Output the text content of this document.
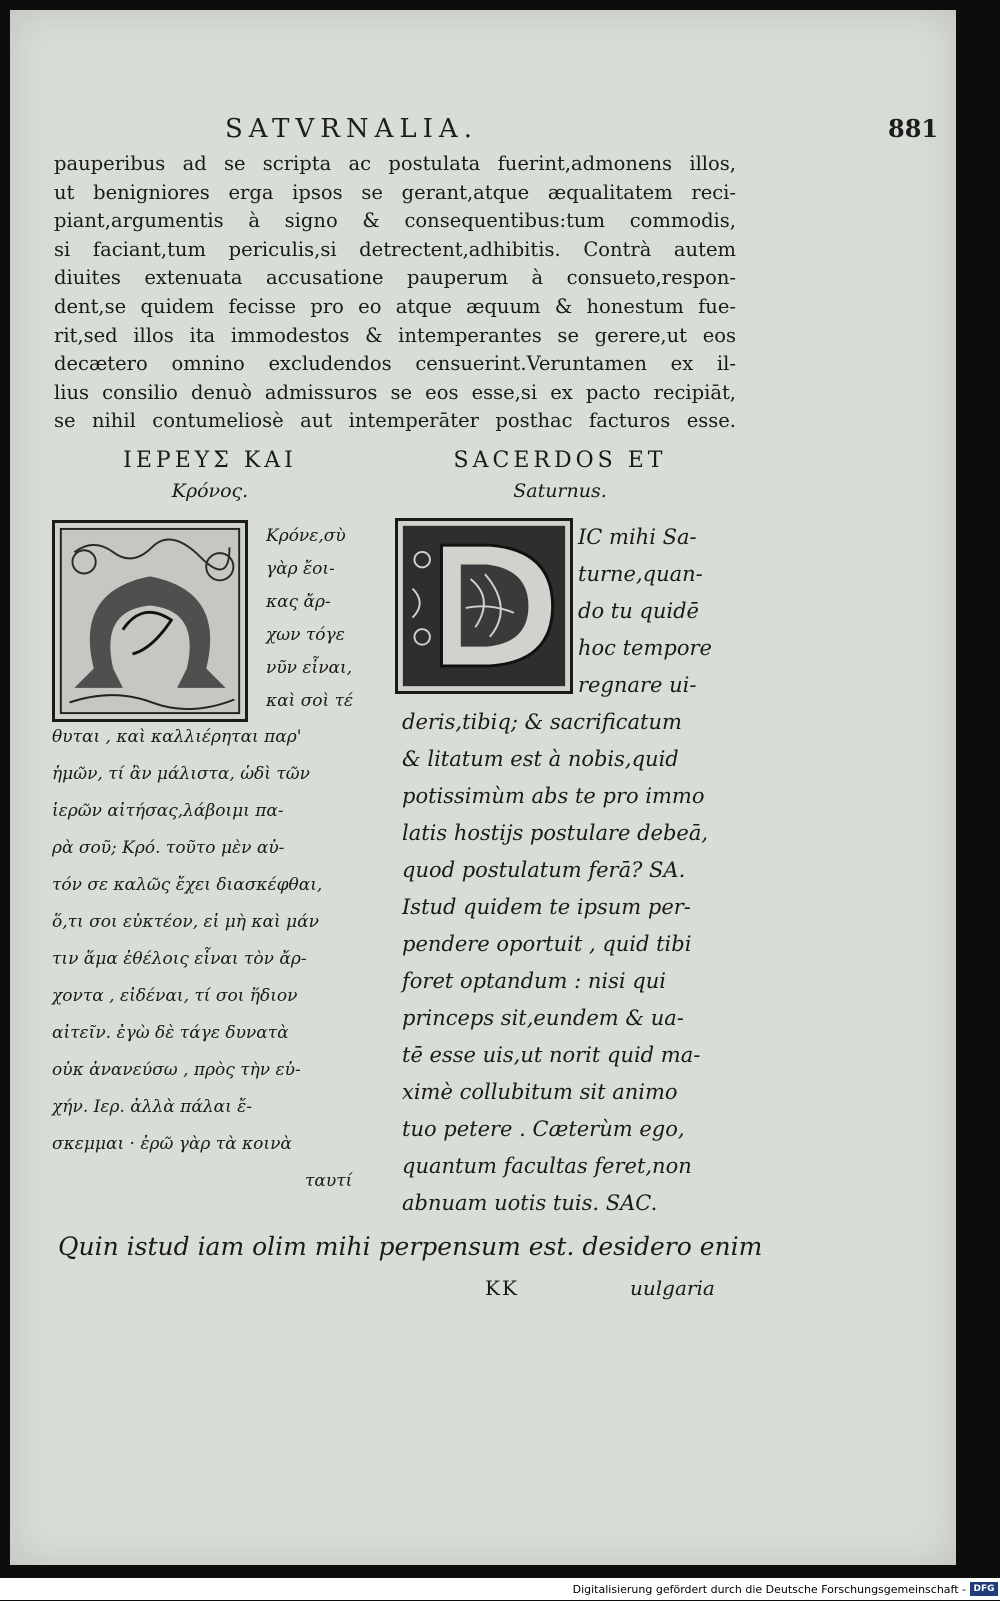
SATVRNALIA.	881
pauperibus ad se scripta ac postulata fuerint,admonens illos,
ut benigniores erga ipsos se gerant,atque æqualitatem reci-
piant,argumentis à signo & consequentibus:tum commodis,
si faciant,tum periculis,si detrectent,adhibitis. Contrà autem
diuites extenuata accusatione pauperum à consueto,respon-
dent,se quidem fecisse pro eo atque æquum & honestum fue-
rit,sed illos ita immodestos & intemperantes se gerere,ut eos
decætero omnino excludendos censuerint.Veruntamen ex il-
lius consilio denuò admissuros se eos esse,si ex pacto recipiāt,
se nihil contumeliosè aut intemperāter posthac facturos esse.
ΙΕΡΕΥΣ ΚΑΙ
Κρόνος.
Κρόνε,σὺ
γὰρ ἔοι-
κας ἄρ-
χων τόγε
νῦν εἶναι,
καὶ σοὶ τέ
θυται , καὶ καλλιέρηται παρ'
ἡμῶν, τί ἂν μάλιστα, ὡδὶ τῶν
ἱερῶν αἰτήσας,λάβοιμι πα-
ρὰ σοῦ; Κρό. τοῦτο μὲν αὐ-
τόν σε καλῶς ἔχει διασκέφθαι,
ὅ,τι σοι εὐκτέον, εἰ μὴ καὶ μάν
τιν ἅμα ἐθέλοις εἶναι τὸν ἄρ-
χοντα , εἰδέναι, τί σοι ἥδιον
αἰτεῖν. ἐγὼ δὲ τάγε δυνατὰ
οὐκ ἀνανεύσω , πρὸς τὴν εὐ-
χήν. Ιερ. ἀλλὰ πάλαι ἔ-
σκεμμαι · ἐρῶ γὰρ τὰ κοινὰ
ταυτί
SACERDOS ET
Saturnus.
IC mihi Sa-
turne,quan-
do tu quidē
hoc tempore
regnare ui-
deris,tibiq; & sacrificatum
& litatum est à nobis,quid
potissimùm abs te pro immo
latis hostijs postulare debeā,
quod postulatum ferā? SA.
Istud quidem te ipsum per-
pendere oportuit , quid tibi
foret optandum : nisi qui
princeps sit,eundem & ua-
tē esse uis,ut norit quid ma-
ximè collubitum sit animo
tuo petere . Cæterùm ego,
quantum facultas feret,non
abnuam uotis tuis. SAC.
Quin istud iam olim mihi perpensum est. desidero enim
KK	uulgaria
Digitalisierung gefördert durch die Deutsche Forschungsgemeinschaft - DFG
